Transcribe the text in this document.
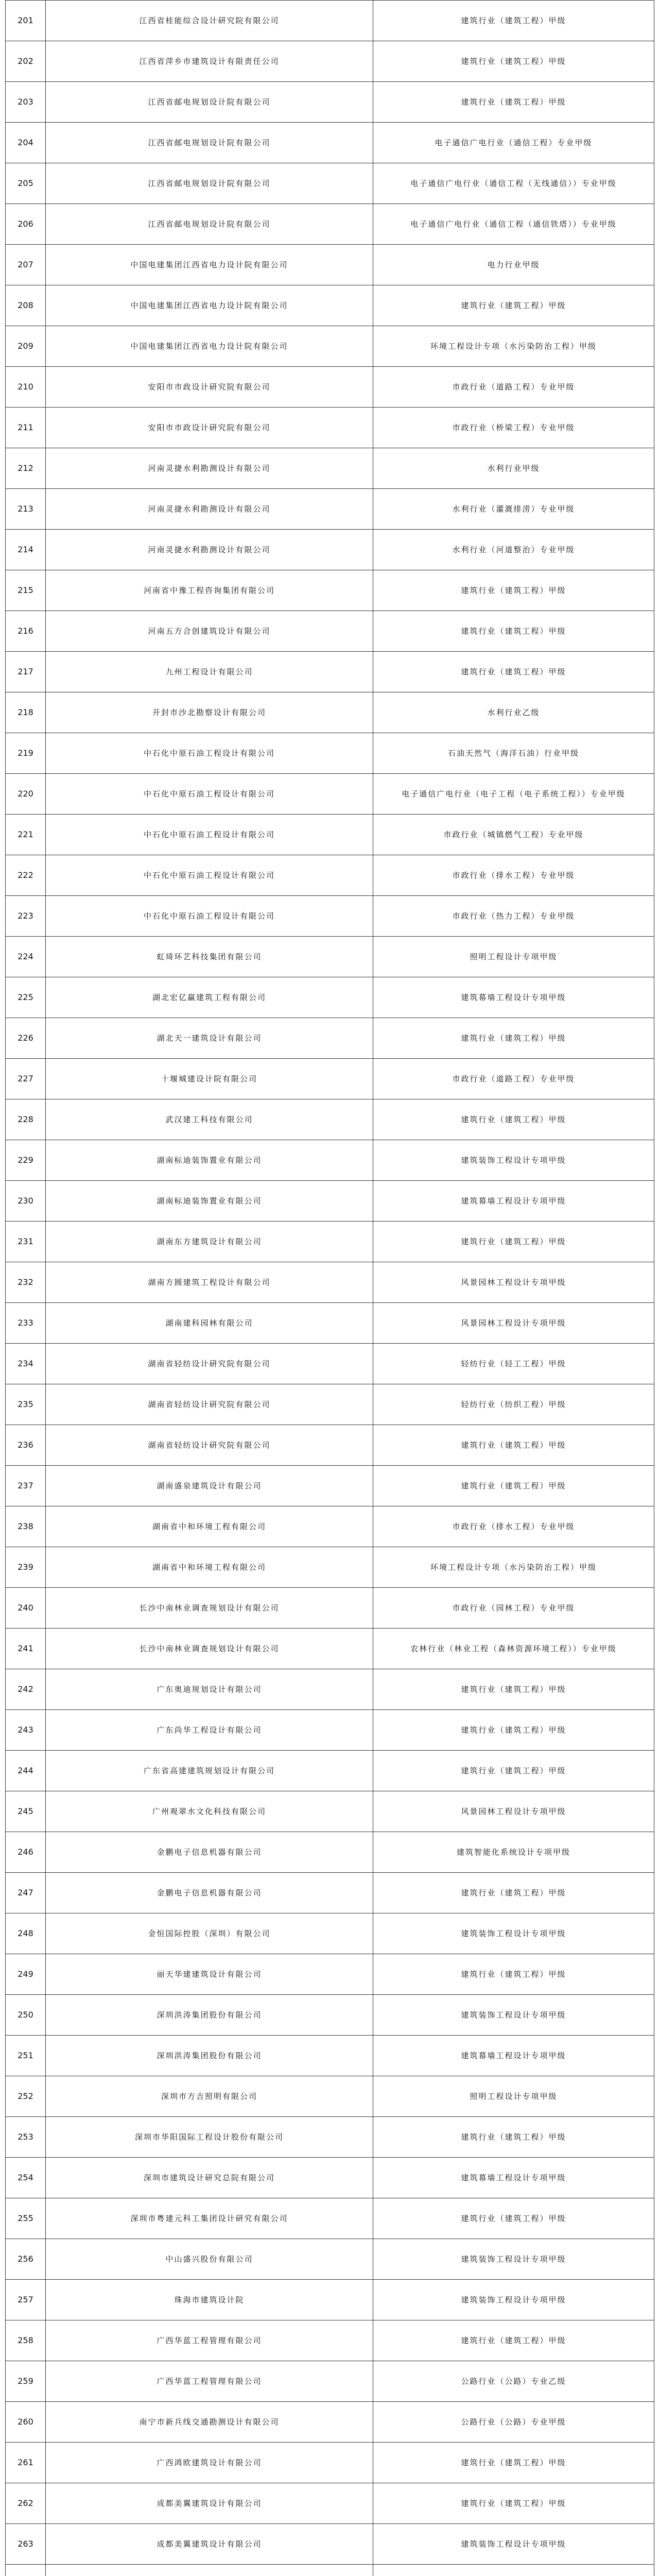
201	江西省桂能综合设计研究院有限公司	建筑行业（建筑工程）甲级
202	江西省萍乡市建筑设计有限责任公司	建筑行业（建筑工程）甲级
203	江西省邮电规划设计院有限公司	建筑行业（建筑工程）甲级
204	江西省邮电规划设计院有限公司	电子通信广电行业（通信工程）专业甲级
205	江西省邮电规划设计院有限公司	电子通信广电行业（通信工程（无线通信））专业甲级
206	江西省邮电规划设计院有限公司	电子通信广电行业（通信工程（通信铁塔））专业甲级
207	中国电建集团江西省电力设计院有限公司	电力行业甲级
208	中国电建集团江西省电力设计院有限公司	建筑行业（建筑工程）甲级
209	中国电建集团江西省电力设计院有限公司	环境工程设计专项（水污染防治工程）甲级
210	安阳市市政设计研究院有限公司	市政行业（道路工程）专业甲级
211	安阳市市政设计研究院有限公司	市政行业（桥梁工程）专业甲级
212	河南灵捷水利勘测设计有限公司	水利行业甲级
213	河南灵捷水利勘测设计有限公司	水利行业（灌溉排涝）专业甲级
214	河南灵捷水利勘测设计有限公司	水利行业（河道整治）专业甲级
215	河南省中豫工程咨询集团有限公司	建筑行业（建筑工程）甲级
216	河南五方合创建筑设计有限公司	建筑行业（建筑工程）甲级
217	九州工程设计有限公司	建筑行业（建筑工程）甲级
218	开封市沙北勘察设计有限公司	水利行业乙级
219	中石化中原石油工程设计有限公司	石油天然气（海洋石油）行业甲级
220	中石化中原石油工程设计有限公司	电子通信广电行业（电子工程（电子系统工程））专业甲级
221	中石化中原石油工程设计有限公司	市政行业（城镇燃气工程）专业甲级
222	中石化中原石油工程设计有限公司	市政行业（排水工程）专业甲级
223	中石化中原石油工程设计有限公司	市政行业（热力工程）专业甲级
224	虹琦环艺科技集团有限公司	照明工程设计专项甲级
225	湖北宏亿赢建筑工程有限公司	建筑幕墙工程设计专项甲级
226	湖北天一建筑设计有限公司	建筑行业（建筑工程）甲级
227	十堰城建设计院有限公司	市政行业（道路工程）专业甲级
228	武汉建工科技有限公司	建筑行业（建筑工程）甲级
229	湖南标迪装饰置业有限公司	建筑装饰工程设计专项甲级
230	湖南标迪装饰置业有限公司	建筑幕墙工程设计专项甲级
231	湖南东方建筑设计有限公司	建筑行业（建筑工程）甲级
232	湖南方圆建筑工程设计有限公司	风景园林工程设计专项甲级
233	湖南建科园林有限公司	风景园林工程设计专项甲级
234	湖南省轻纺设计研究院有限公司	轻纺行业（轻工工程）甲级
235	湖南省轻纺设计研究院有限公司	轻纺行业（纺织工程）甲级
236	湖南省轻纺设计研究院有限公司	建筑行业（建筑工程）甲级
237	湖南盛泉建筑设计有限公司	建筑行业（建筑工程）甲级
238	湖南省中和环境工程有限公司	市政行业（排水工程）专业甲级
239	湖南省中和环境工程有限公司	环境工程设计专项（水污染防治工程）甲级
240	长沙中南林业调查规划设计有限公司	市政行业（园林工程）专业甲级
241	长沙中南林业调查规划设计有限公司	农林行业（林业工程（森林资源环境工程））专业甲级
242	广东奥迪规划设计有限公司	建筑行业（建筑工程）甲级
243	广东尚华工程设计有限公司	建筑行业（建筑工程）甲级
244	广东省高建建筑规划设计有限公司	建筑行业（建筑工程）甲级
245	广州观翠水文化科技有限公司	风景园林工程设计专项甲级
246	金鹏电子信息机器有限公司	建筑智能化系统设计专项甲级
247	金鹏电子信息机器有限公司	建筑行业（建筑工程）甲级
248	金恒国际控股（深圳）有限公司	建筑装饰工程设计专项甲级
249	丽天华建建筑设计有限公司	建筑行业（建筑工程）甲级
250	深圳洪涛集团股份有限公司	建筑装饰工程设计专项甲级
251	深圳洪涛集团股份有限公司	建筑幕墙工程设计专项甲级
252	深圳市方吉照明有限公司	照明工程设计专项甲级
253	深圳市华阳国际工程设计股份有限公司	建筑行业（建筑工程）甲级
254	深圳市建筑设计研究总院有限公司	建筑幕墙工程设计专项甲级
255	深圳市粤建元科工集团设计研究有限公司	建筑行业（建筑工程）甲级
256	中山盛兴股份有限公司	建筑装饰工程设计专项甲级
257	珠海市建筑设计院	建筑装饰工程设计专项甲级
258	广西华蓝工程管理有限公司	建筑行业（建筑工程）甲级
259	广西华蓝工程管理有限公司	公路行业（公路）专业乙级
260	南宁市新兵线交通勘测设计有限公司	公路行业（公路）专业甲级
261	广西鸿欧建筑设计有限公司	建筑行业（建筑工程）甲级
262	成都美翼建筑设计有限公司	建筑行业（建筑工程）甲级
263	成都美翼建筑设计有限公司	建筑装饰工程设计专项甲级
